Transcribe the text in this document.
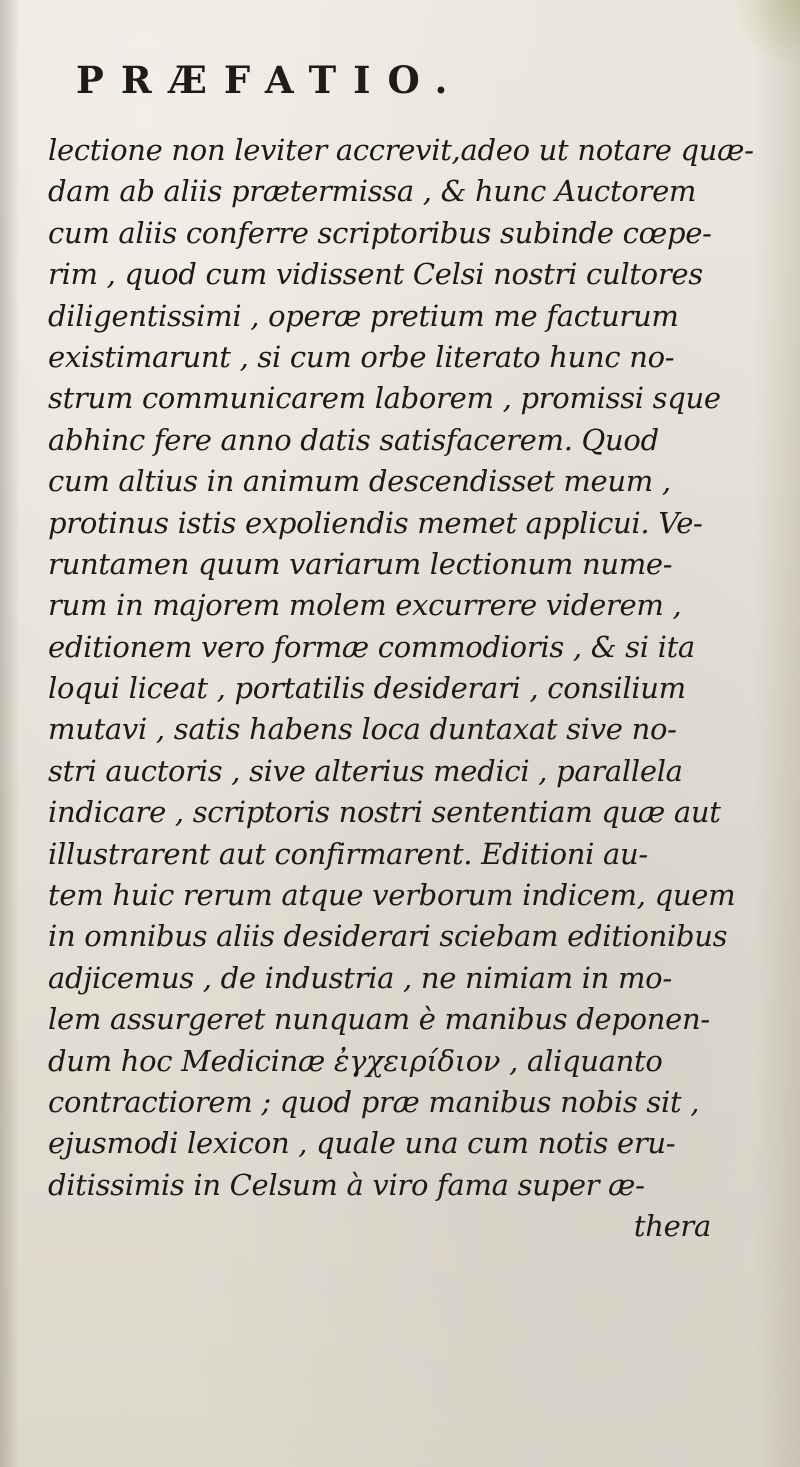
PRÆFATIO.
lectione non leviter accrevit,adeo ut notare quæ-
dam ab aliis prætermissa , & hunc Auctorem
cum aliis conferre scriptoribus subinde cœpe-
rim , quod cum vidissent Celsi nostri cultores
diligentissimi , operæ pretium me facturum
existimarunt , si cum orbe literato hunc no-
strum communicarem laborem , promissi sque
abhinc fere anno datis satisfacerem. Quod
cum altius in animum descendisset meum ,
protinus istis expoliendis memet applicui. Ve-
runtamen quum variarum lectionum nume-
rum in majorem molem excurrere viderem ,
editionem vero formæ commodioris , & si ita
loqui liceat , portatilis desiderari , consilium
mutavi , satis habens loca duntaxat sive no-
stri auctoris , sive alterius medici , parallela
indicare , scriptoris nostri sententiam quæ aut
illustrarent aut confirmarent. Editioni au-
tem huic rerum atque verborum indicem, quem
in omnibus aliis desiderari sciebam editionibus
adjicemus , de industria , ne nimiam in mo-
lem assurgeret nunquam è manibus deponen-
dum hoc Medicinæ ἐγχειρίδιον , aliquanto
contractiorem ; quod præ manibus nobis sit ,
ejusmodi lexicon , quale una cum notis eru-
ditissimis in Celsum à viro fama super æ-
thera
